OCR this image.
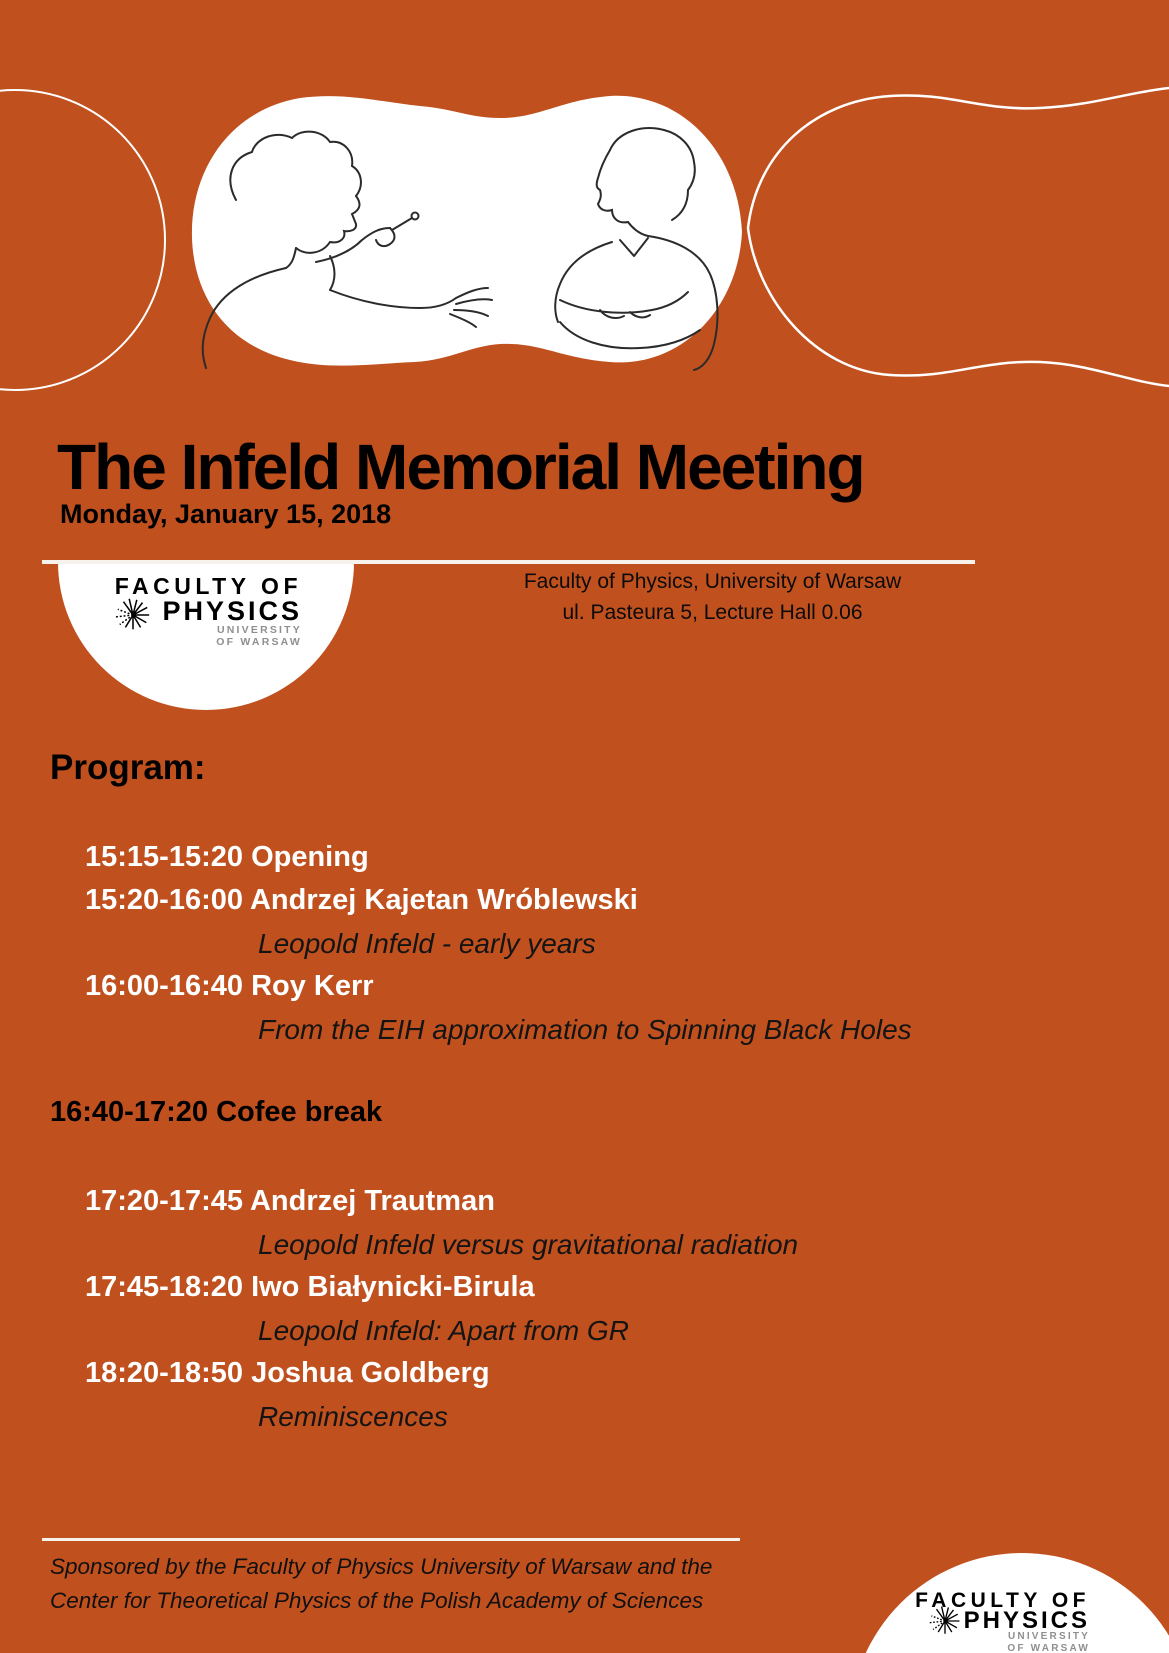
The Infeld Memorial Meeting
Monday, January 15, 2018
Faculty of Physics, University of Warsaw
ul. Pasteura 5, Lecture Hall 0.06
FACULTY OF
PHYSICS
UNIVERSITY
OF WARSAW
Program:
15:15-15:20 Opening
15:20-16:00 Andrzej Kajetan Wróblewski
Leopold Infeld - early years
16:00-16:40 Roy Kerr
From the EIH approximation to Spinning Black Holes
16:40-17:20 Cofee break
17:20-17:45 Andrzej Trautman
Leopold Infeld versus gravitational radiation
17:45-18:20 Iwo Białynicki-Birula
Leopold Infeld: Apart from GR
18:20-18:50 Joshua Goldberg
Reminiscences
Sponsored by the Faculty of Physics University of Warsaw and the
Center for Theoretical Physics of the Polish Academy of Sciences	FACULTY OF
PHYSICS
UNIVERSITY
OF WARSAW
